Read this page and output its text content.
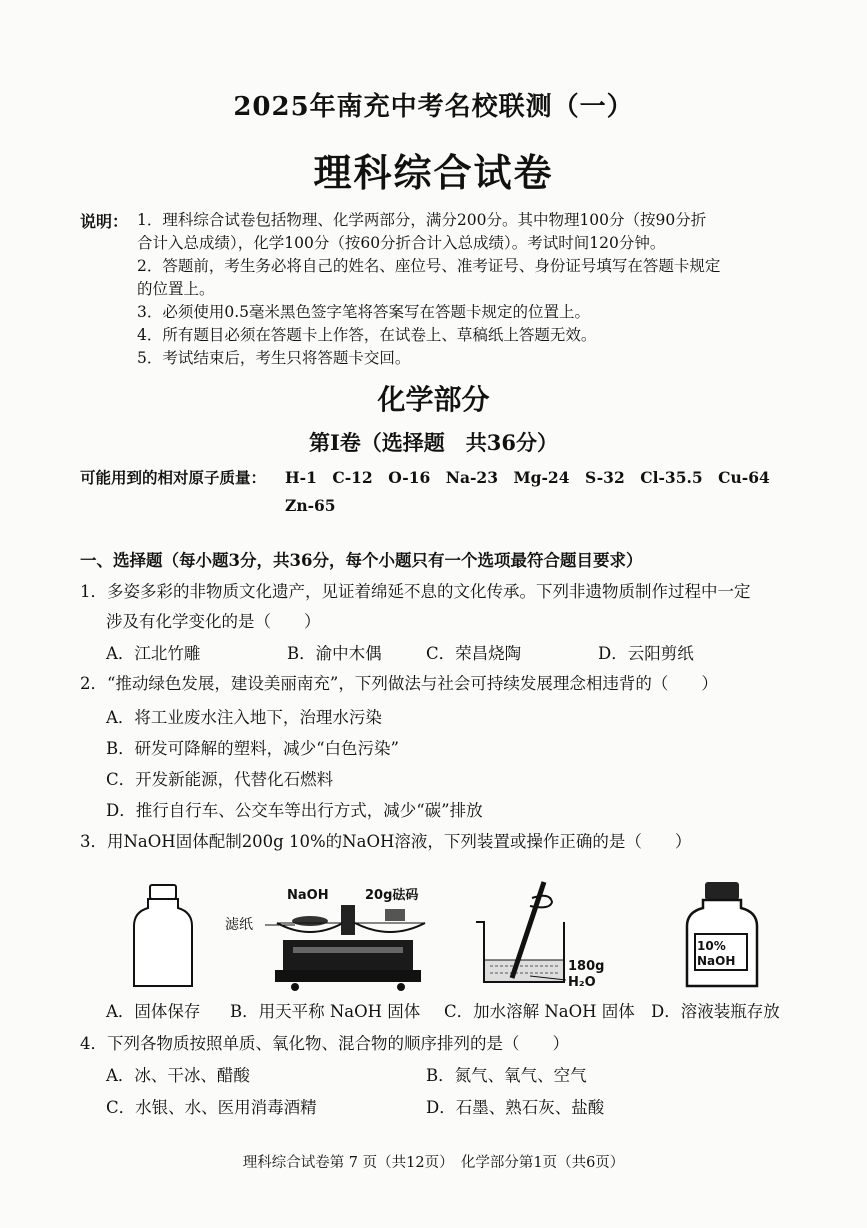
2025年南充中考名校联测（一）
理科综合试卷
说明： 1．理科综合试卷包括物理、化学两部分，满分200分。其中物理100分（按90分折
合计入总成绩），化学100分（按60分折合计入总成绩）。考试时间120分钟。
2．答题前，考生务必将自己的姓名、座位号、准考证号、身份证号填写在答题卡规定
的位置上。
3．必须使用0.5毫米黑色签字笔将答案写在答题卡规定的位置上。
4．所有题目必须在答题卡上作答，在试卷上、草稿纸上答题无效。
5．考试结束后，考生只将答题卡交回。
化学部分
第Ⅰ卷（选择题　共36分）
可能用到的相对原子质量： H-1　C-12　O-16　Na-23　Mg-24　S-32　Cl-35.5　Cu-64
Zn-65
一、选择题（每小题3分，共36分，每个小题只有一个选项最符合题目要求）
1．多姿多彩的非物质文化遗产，见证着绵延不息的文化传承。下列非遗物质制作过程中一定
涉及有化学变化的是（　　）
A．江北竹雕	B．渝中木偶	C．荣昌烧陶	D．云阳剪纸
2．“推动绿色发展，建设美丽南充”，下列做法与社会可持续发展理念相违背的（　　）
A．将工业废水注入地下，治理水污染
B．研发可降解的塑料，减少“白色污染”
C．开发新能源，代替化石燃料
D．推行自行车、公交车等出行方式，减少“碳”排放
3．用NaOH固体配制200g 10%的NaOH溶液，下列装置或操作正确的是（　　）
NaOH	20g砝码
滤纸
180g
H₂O
10%
NaOH
A．固体保存 B．用天平称 NaOH 固体 C．加水溶解 NaOH 固体 D．溶液装瓶存放
4．下列各物质按照单质、氧化物、混合物的顺序排列的是（　　）
A．冰、干冰、醋酸	B．氮气、氧气、空气
C．水银、水、医用消毒酒精	D．石墨、熟石灰、盐酸
理科综合试卷第 7 页（共12页）　化学部分第1页（共6页）
